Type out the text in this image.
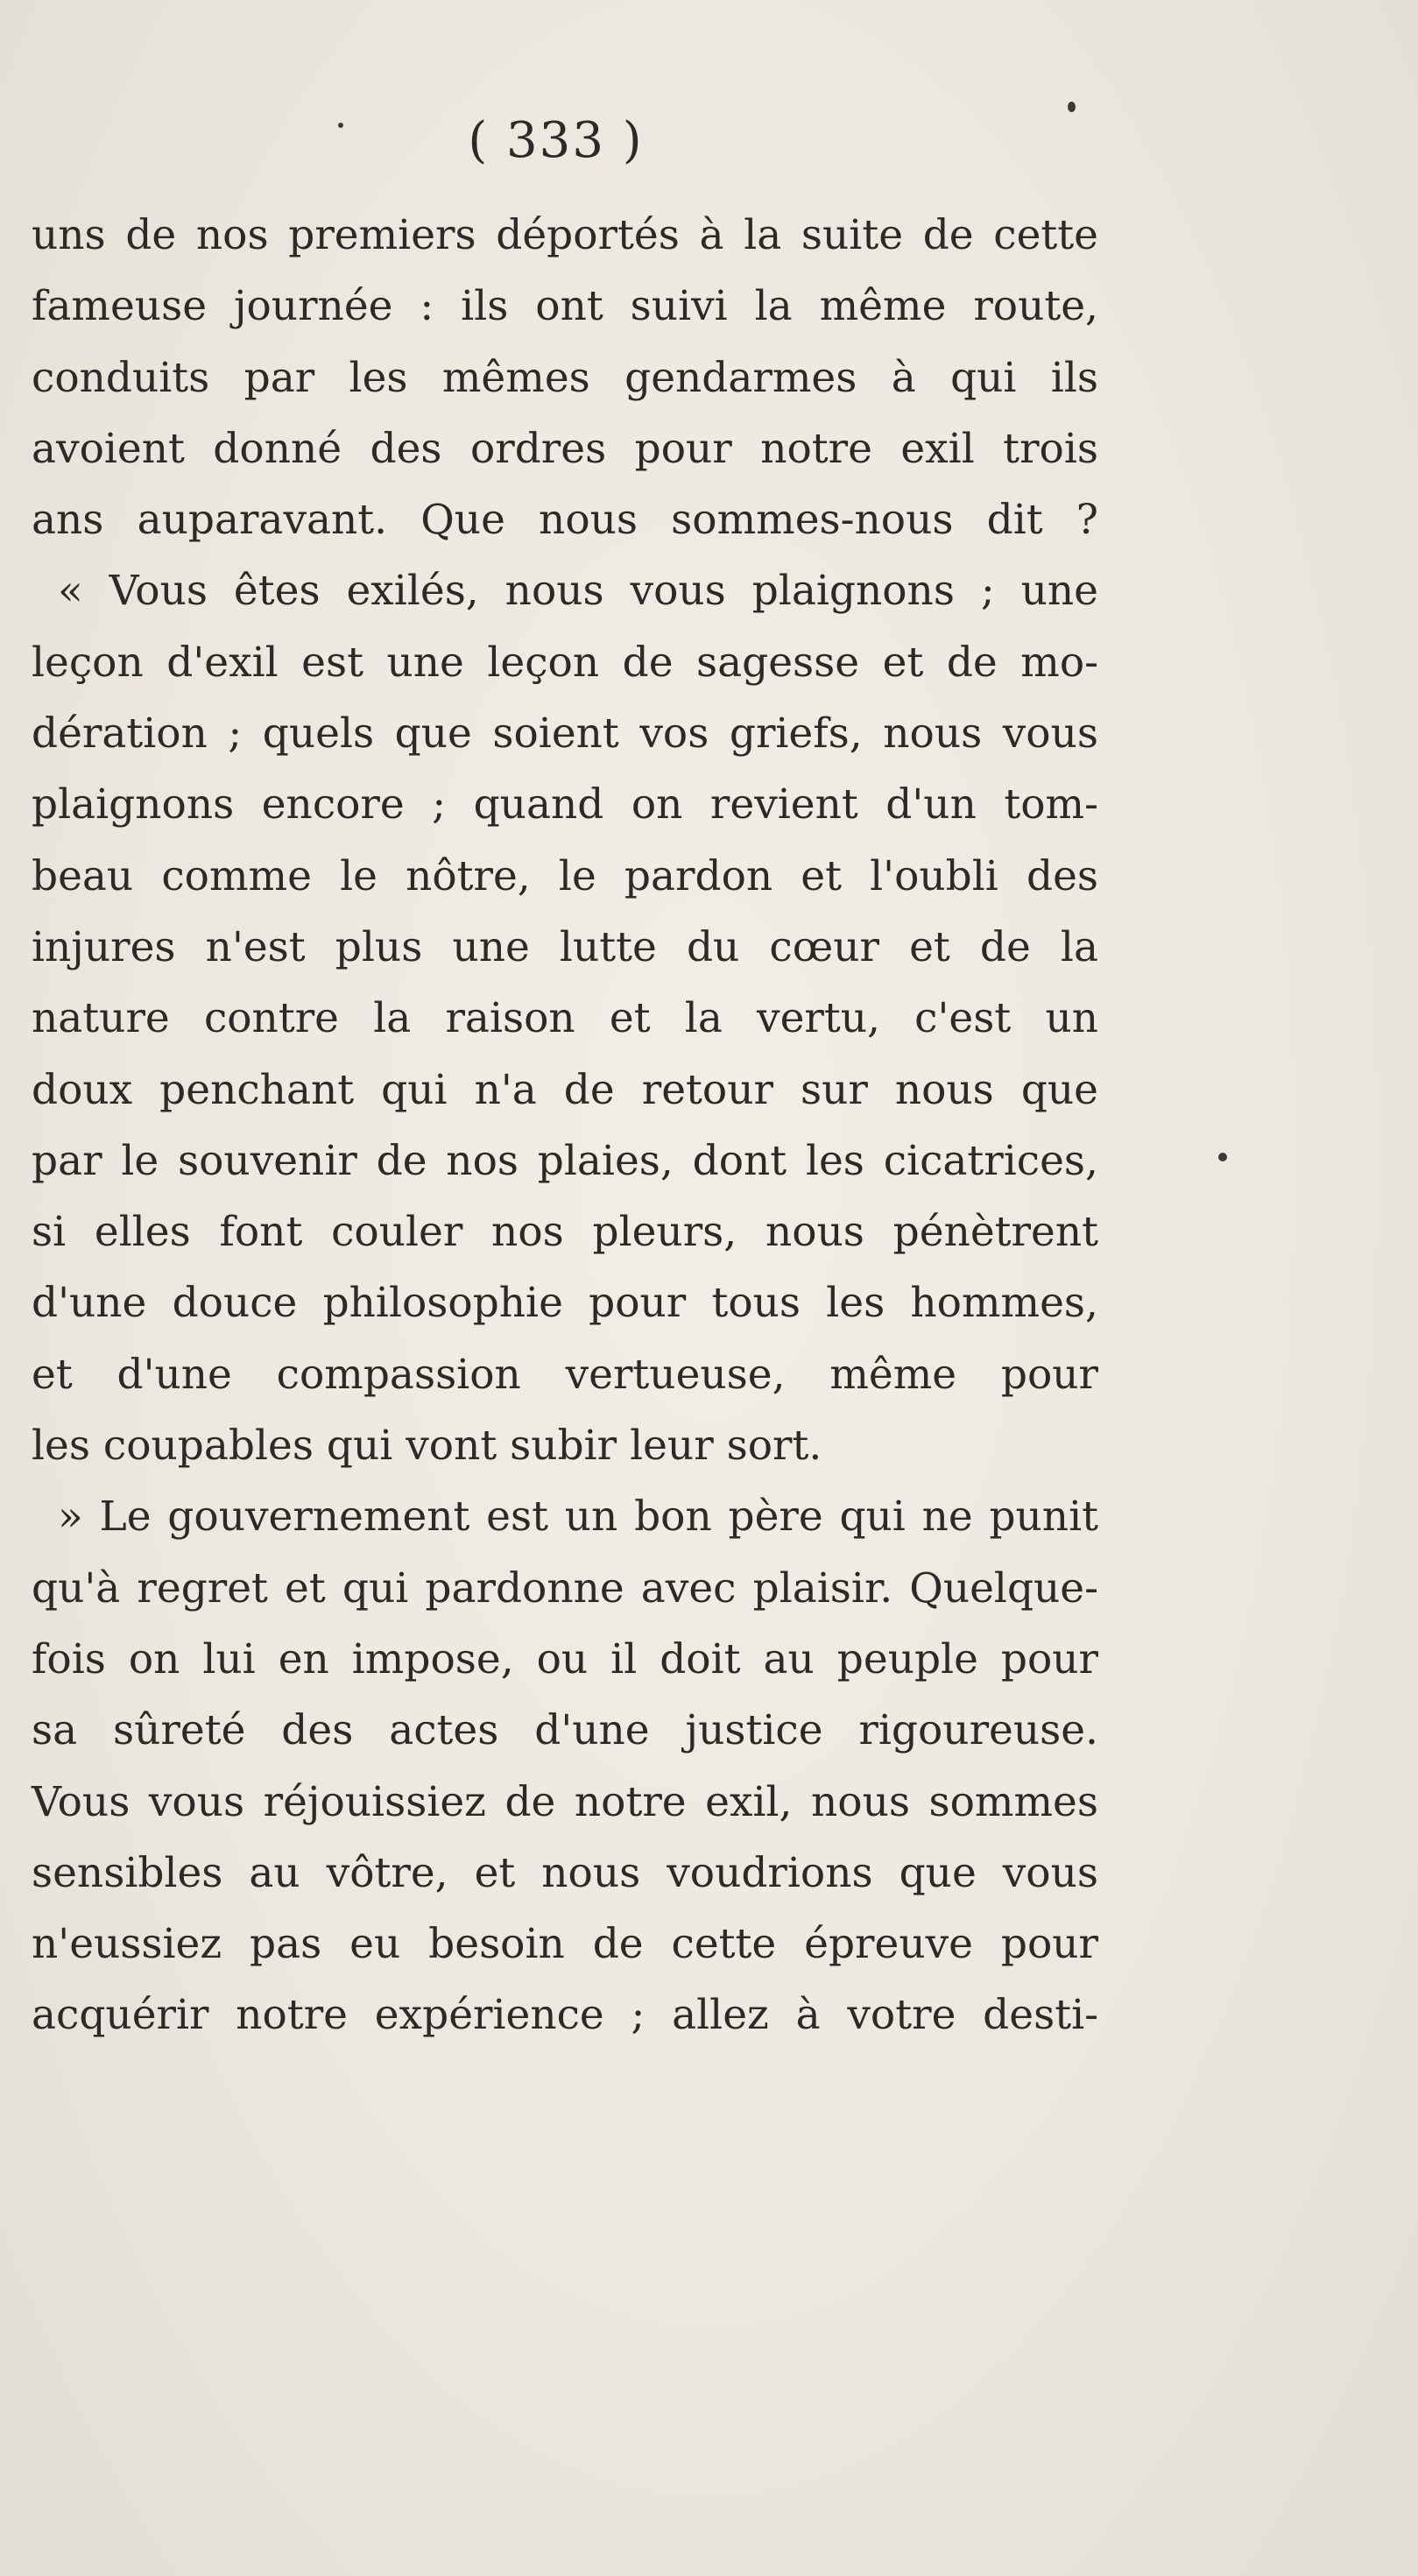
( 333 )
uns de nos premiers déportés à la suite de cette
fameuse journée : ils ont suivi la même route,
conduits par les mêmes gendarmes à qui ils
avoient donné des ordres pour notre exil trois
ans auparavant. Que nous sommes-nous dit ?
« Vous êtes exilés, nous vous plaignons ; une
leçon d'exil est une leçon de sagesse et de mo-
dération ; quels que soient vos griefs, nous vous
plaignons encore ; quand on revient d'un tom-
beau comme le nôtre, le pardon et l'oubli des
injures n'est plus une lutte du cœur et de la
nature contre la raison et la vertu, c'est un
doux penchant qui n'a de retour sur nous que
par le souvenir de nos plaies, dont les cicatrices,
si elles font couler nos pleurs, nous pénètrent
d'une douce philosophie pour tous les hommes,
et d'une compassion vertueuse, même pour
les coupables qui vont subir leur sort.
» Le gouvernement est un bon père qui ne punit
qu'à regret et qui pardonne avec plaisir. Quelque-
fois on lui en impose, ou il doit au peuple pour
sa sûreté des actes d'une justice rigoureuse.
Vous vous réjouissiez de notre exil, nous sommes
sensibles au vôtre, et nous voudrions que vous
n'eussiez pas eu besoin de cette épreuve pour
acquérir notre expérience ; allez à votre desti-
